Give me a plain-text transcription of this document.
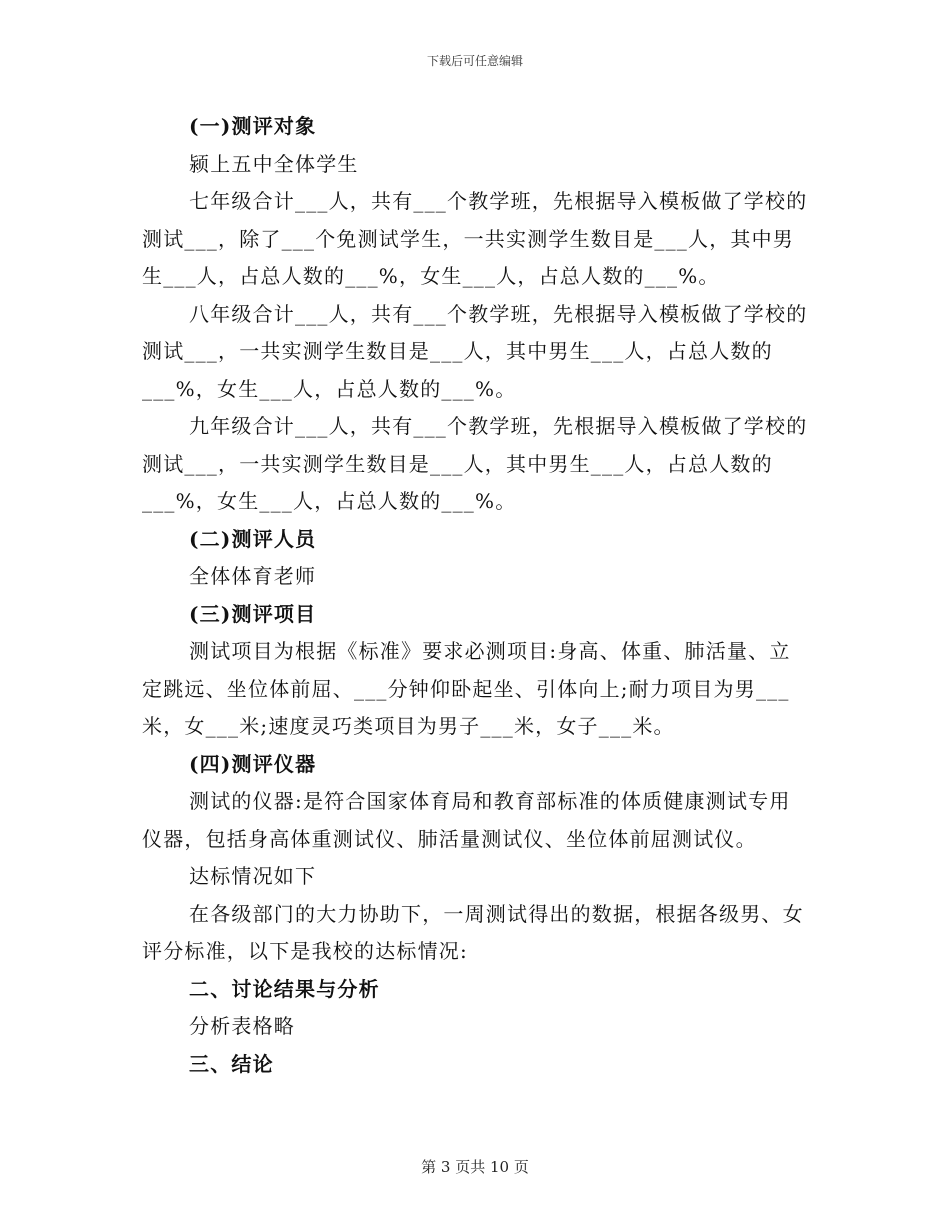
下载后可任意编辑

(一)测评对象

颍上五中全体学生

七年级合计___人，共有___个教学班，先根据导入模板做了学校的测试___，除了___个免测试学生，一共实测学生数目是___人，其中男生___人，占总人数的___%，女生___人，占总人数的___%。

八年级合计___人，共有___个教学班，先根据导入模板做了学校的测试___，一共实测学生数目是___人，其中男生___人，占总人数的___%，女生___人，占总人数的___%。

九年级合计___人，共有___个教学班，先根据导入模板做了学校的测试___，一共实测学生数目是___人，其中男生___人，占总人数的___%，女生___人，占总人数的___%。

(二)测评人员

全体体育老师

(三)测评项目

测试项目为根据《标准》要求必测项目:身高、体重、肺活量、立定跳远、坐位体前屈、___分钟仰卧起坐、引体向上;耐力项目为男___米，女___米;速度灵巧类项目为男子___米，女子___米。

(四)测评仪器

测试的仪器:是符合国家体育局和教育部标准的体质健康测试专用仪器，包括身高体重测试仪、肺活量测试仪、坐位体前屈测试仪。

达标情况如下

在各级部门的大力协助下，一周测试得出的数据，根据各级男、女评分标准，以下是我校的达标情况:

二、讨论结果与分析

分析表格略

三、结论

第 3 页共 10 页
